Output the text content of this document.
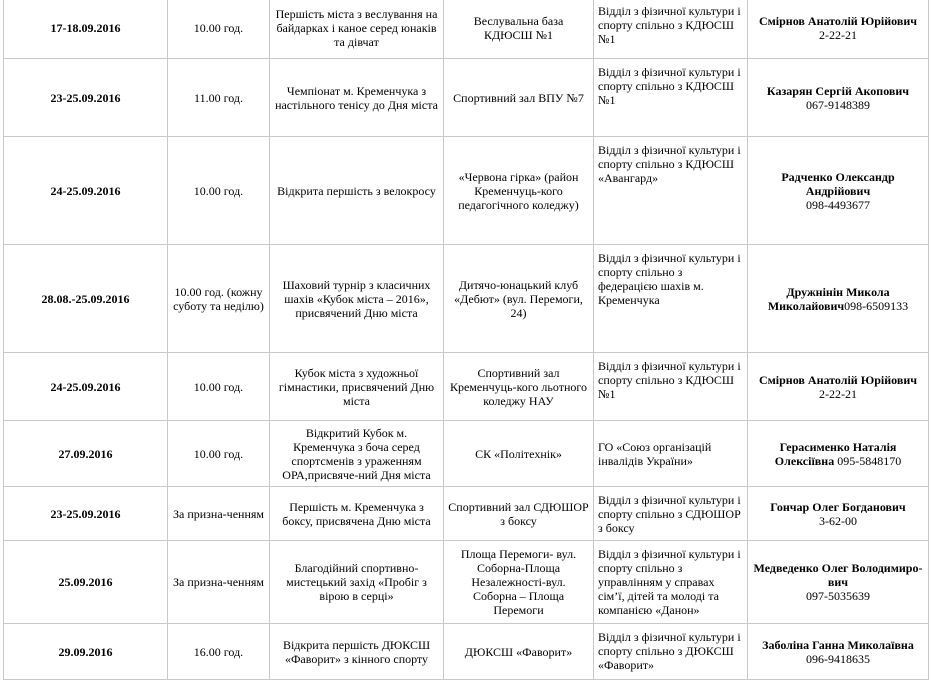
17-18.09.2016	10.00 год.	Першість міста з веслування на байдарках і каное серед юнаків та дівчат	Веслувальна база КДЮСШ №1	Відділ з фізичної культури і спорту спільно з КДЮСШ №1	Смірнов Анатолій Юрійович
2-22-21

23-25.09.2016	11.00 год.	Чемпіонат м. Кременчука з настільного тенісу до Дня міста	Спортивний зал ВПУ №7	Відділ з фізичної культури і спорту спільно з КДЮСШ №1	Казарян Сергій Акопович
067-9148389

24-25.09.2016	10.00 год.	Відкрита першість з велокросу	«Червона гірка» (район Кременчуць-кого педагогічного коледжу)	Відділ з фізичної культури і спорту спільно з КДЮСШ «Авангард»	Радченко Олександр Андрійович
098-4493677

28.08.-25.09.2016	10.00 год. (кожну суботу та неділю)	Шаховий турнір з класичних шахів «Кубок міста – 2016», присвячений Дню міста	Дитячо-юнацький клуб «Дебют» (вул. Перемоги, 24)	Відділ з фізичної культури і спорту спільно з федерацією шахів м. Кременчука	Дружнінін Микола Миколайович098-6509133
24-25.09.2016	10.00 год.	Кубок міста з художньої гімнастики, присвячений Дню міста	Спортивний зал Кременчуць-кого льотного коледжу НАУ	Відділ з фізичної культури і спорту спільно з КДЮСШ №1	Смірнов Анатолій Юрійович
2-22-21

27.09.2016	10.00 год.	Відкритий Кубок м. Кременчука з боча серед спортсменів з ураженням ОРА,присвяче-ний Дня міста	СК «Політехнік»	ГО «Союз організацій інвалідів України»	Герасименко Наталія Олексіївна 095-5848170
23-25.09.2016	За призна-ченням	Першість м. Кременчука з боксу, присвячена Дню міста	Спортивний зал СДЮШОР з боксу	Відділ з фізичної культури і спорту спільно з СДЮШОР з боксу	Гончар Олег Богданович
3-62-00

25.09.2016	За призна-ченням	Благодійний спортивно-мистецький захід «Пробіг з вірою в серці»	Площа Перемоги- вул. Соборна-Площа Незалежності-вул. Соборна – Площа Перемоги	Відділ з фізичної культури і спорту спільно з управлінням у справах сім’ї, дітей та молоді та компанією «Данон»	Медведенко Олег Володимиро-вич
097-5035639

29.09.2016	16.00 год.	Відкрита першість ДЮКСШ «Фаворит» з кінного спорту	ДЮКСШ «Фаворит»	Відділ з фізичної культури і спорту спільно з ДЮКСШ «Фаворит»	Заболіна Ганна Миколаївна
096-9418635
